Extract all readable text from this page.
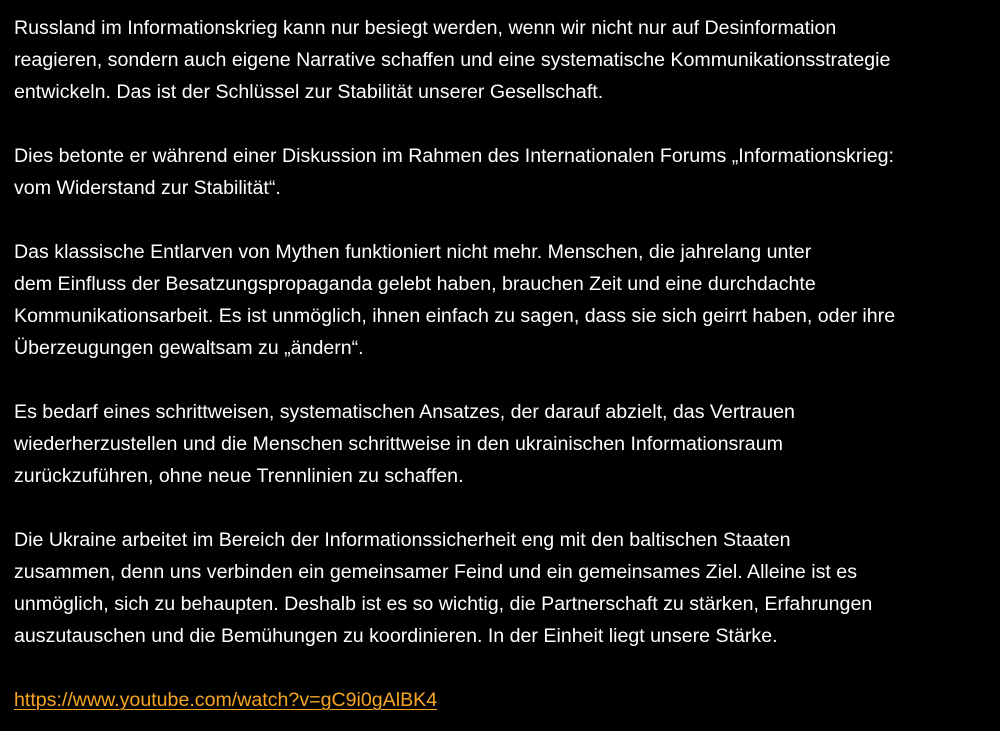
Russland im Informationskrieg kann nur besiegt werden, wenn wir nicht nur auf Desinformation
reagieren, sondern auch eigene Narrative schaffen und eine systematische Kommunikationsstrategie
entwickeln. Das ist der Schlüssel zur Stabilität unserer Gesellschaft.

Dies betonte er während einer Diskussion im Rahmen des Internationalen Forums „Informationskrieg:
vom Widerstand zur Stabilität“.

Das klassische Entlarven von Mythen funktioniert nicht mehr. Menschen, die jahrelang unter
dem Einfluss der Besatzungspropaganda gelebt haben, brauchen Zeit und eine durchdachte
Kommunikationsarbeit. Es ist unmöglich, ihnen einfach zu sagen, dass sie sich geirrt haben, oder ihre
Überzeugungen gewaltsam zu „ändern“.

Es bedarf eines schrittweisen, systematischen Ansatzes, der darauf abzielt, das Vertrauen
wiederherzustellen und die Menschen schrittweise in den ukrainischen Informationsraum
zurückzuführen, ohne neue Trennlinien zu schaffen.

Die Ukraine arbeitet im Bereich der Informationssicherheit eng mit den baltischen Staaten
zusammen, denn uns verbinden ein gemeinsamer Feind und ein gemeinsames Ziel. Alleine ist es
unmöglich, sich zu behaupten. Deshalb ist es so wichtig, die Partnerschaft zu stärken, Erfahrungen
auszutauschen und die Bemühungen zu koordinieren. In der Einheit liegt unsere Stärke.

https://www.youtube.com/watch?v=gC9i0gAlBK4
